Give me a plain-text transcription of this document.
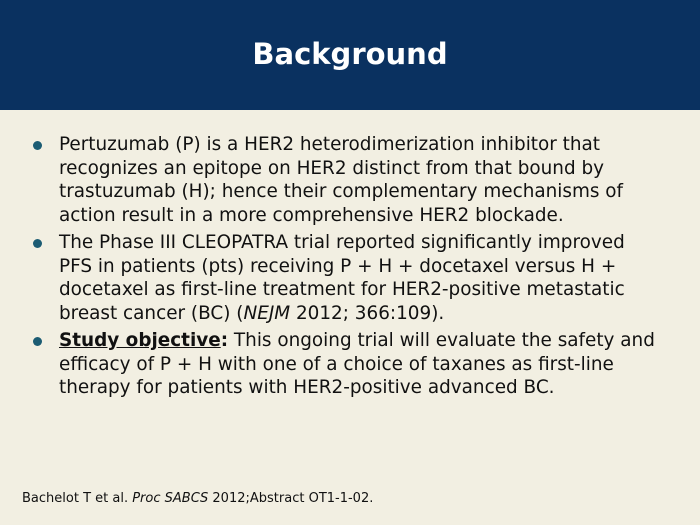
Background
Pertuzumab (P) is a HER2 heterodimerization inhibitor that recognizes an epitope on HER2 distinct from that bound by trastuzumab (H); hence their complementary mechanisms of action result in a more comprehensive HER2 blockade.
The Phase III CLEOPATRA trial reported significantly improved PFS in patients (pts) receiving P + H + docetaxel versus H + docetaxel as first-line treatment for HER2-positive metastatic breast cancer (BC) (NEJM 2012; 366:109).
Study objective: This ongoing trial will evaluate the safety and efficacy of P + H with one of a choice of taxanes as first-line therapy for patients with HER2-positive advanced BC.
Bachelot T et al. Proc SABCS 2012;Abstract OT1-1-02.
